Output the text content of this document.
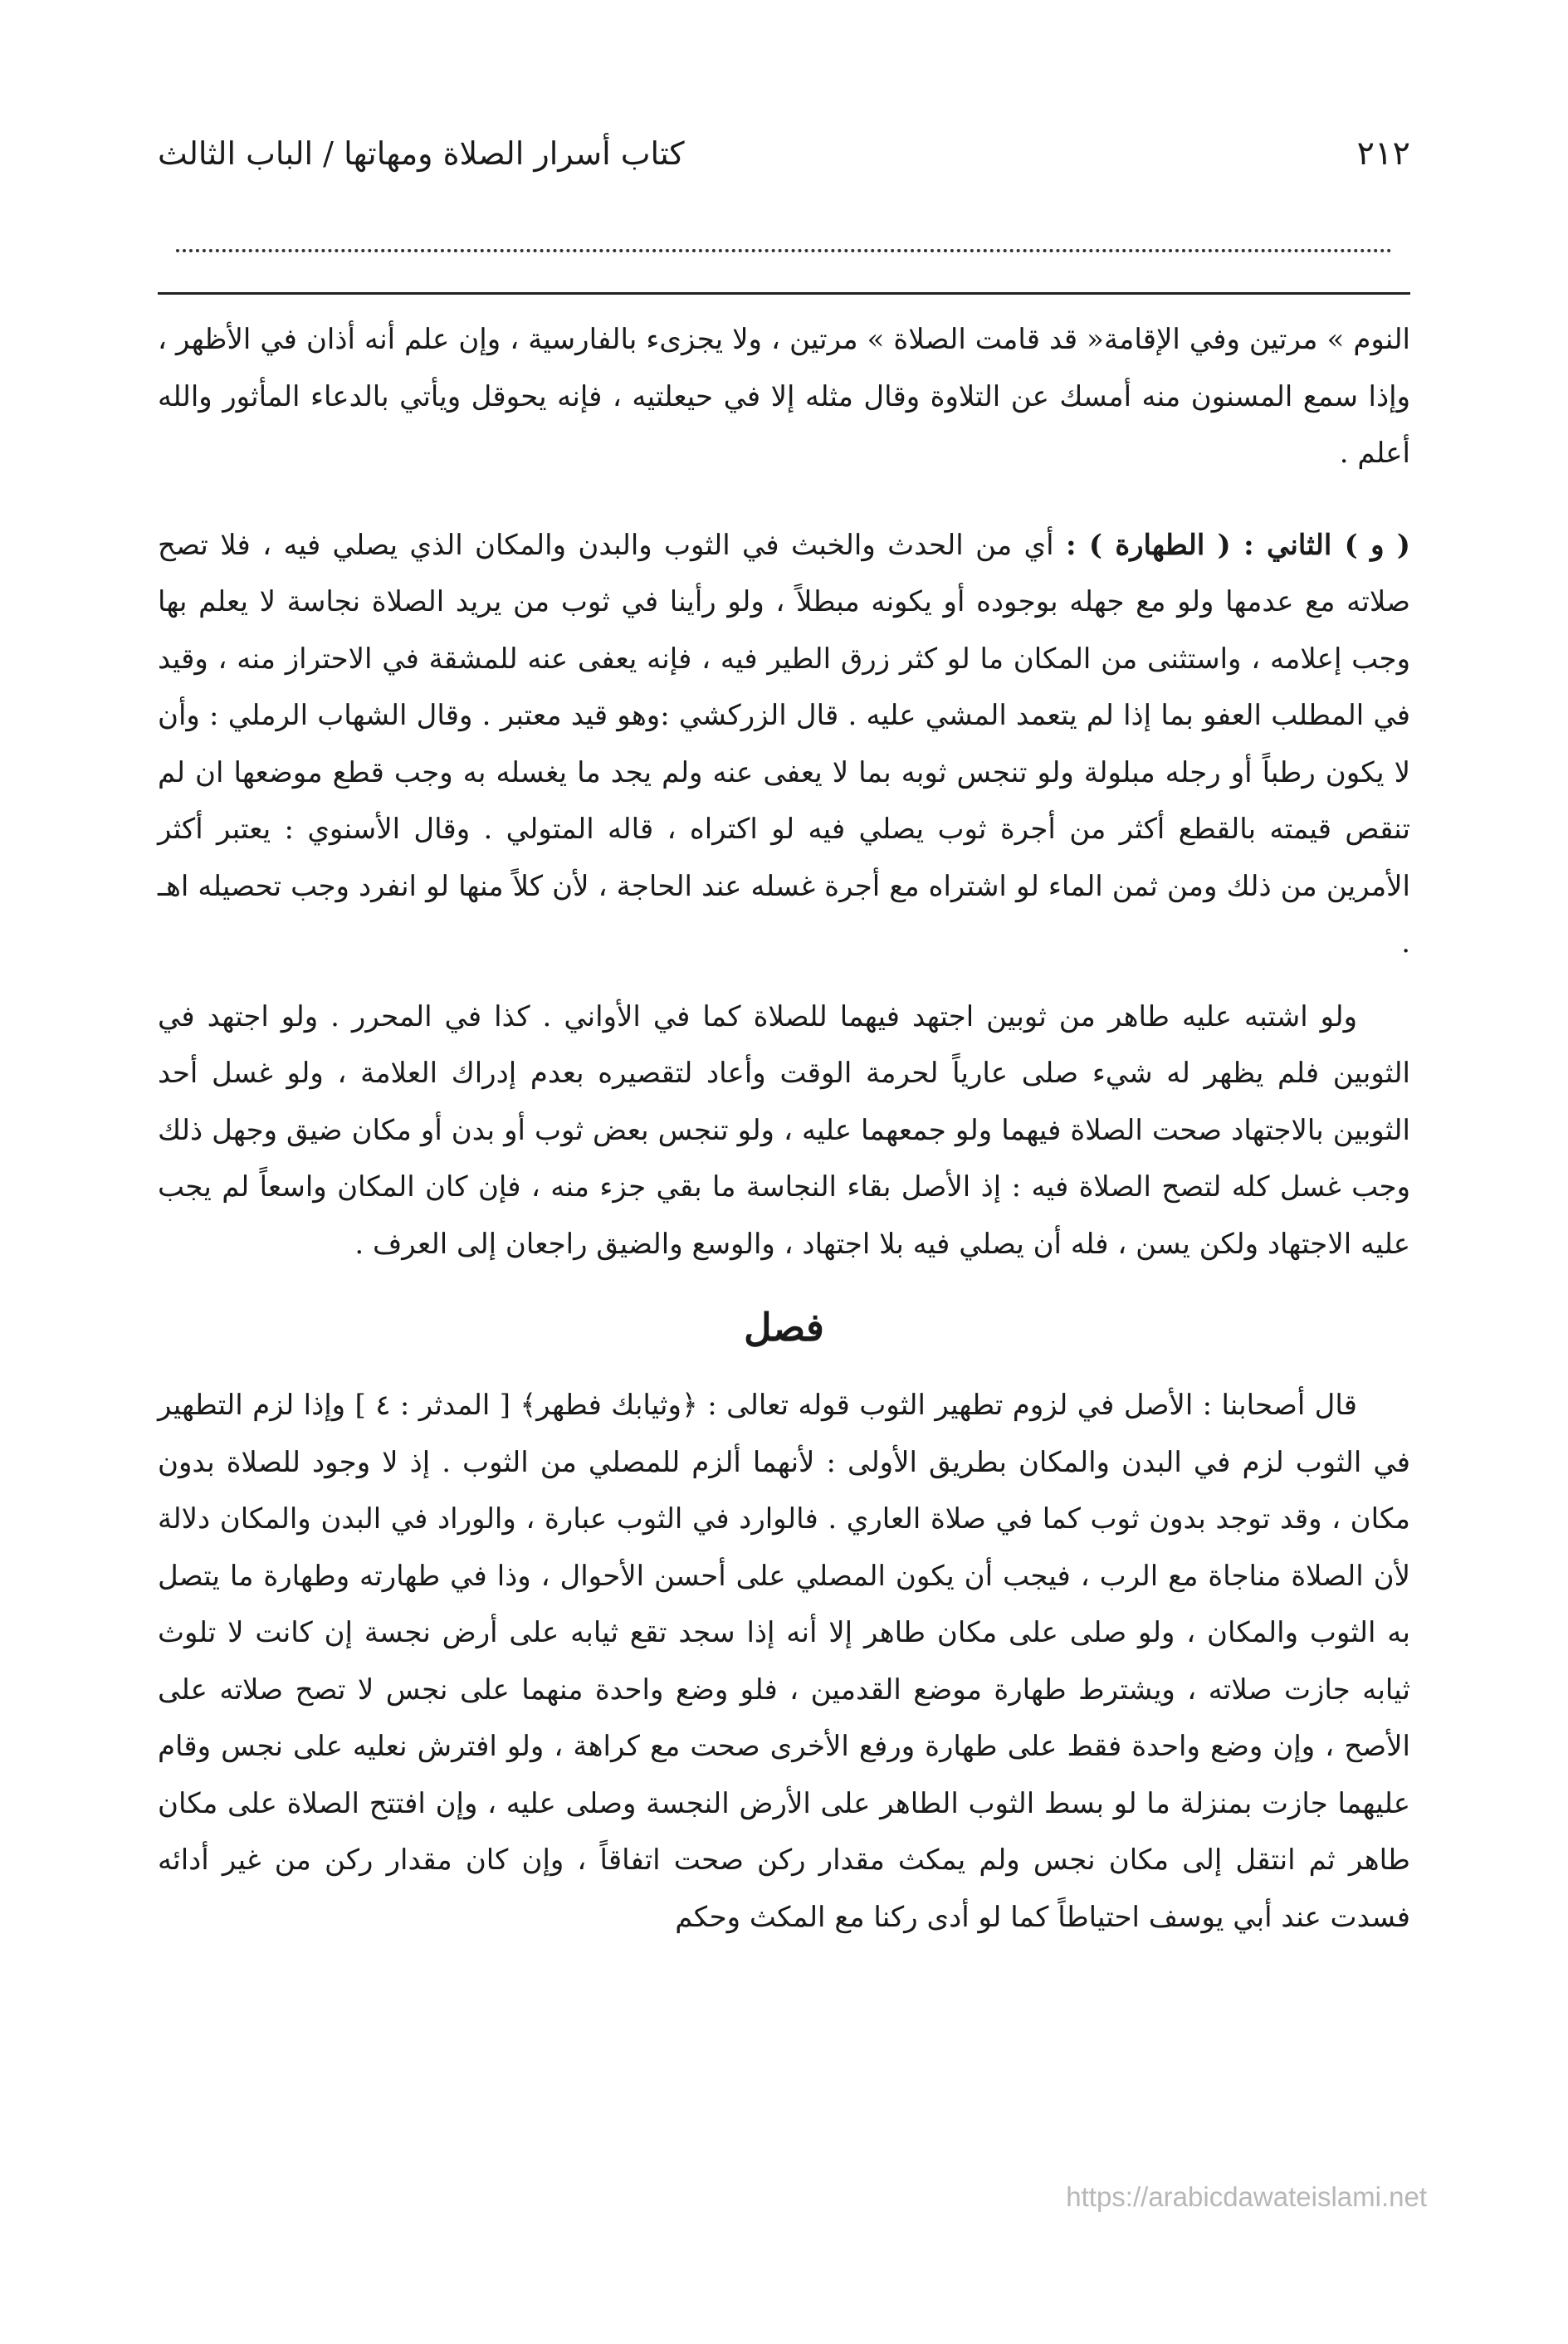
٢١٢
كتاب أسرار الصلاة ومهاتها / الباب الثالث

النوم » مرتين وفي الإقامة« قد قامت الصلاة » مرتين ، ولا يجزىء بالفارسية ، وإن علم أنه أذان في الأظهر ، وإذا سمع المسنون منه أمسك عن التلاوة وقال مثله إلا في حيعلتيه ، فإنه يحوقل ويأتي بالدعاء المأثور والله أعلم .

( و ) الثاني : ( الطهارة ) : أي من الحدث والخبث في الثوب والبدن والمكان الذي يصلي فيه ، فلا تصح صلاته مع عدمها ولو مع جهله بوجوده أو يكونه مبطلاً ، ولو رأينا في ثوب من يريد الصلاة نجاسة لا يعلم بها وجب إعلامه ، واستثنى من المكان ما لو كثر زرق الطير فيه ، فإنه يعفى عنه للمشقة في الاحتراز منه ، وقيد في المطلب العفو بما إذا لم يتعمد المشي عليه . قال الزركشي :وهو قيد معتبر . وقال الشهاب الرملي : وأن لا يكون رطباً أو رجله مبلولة ولو تنجس ثوبه بما لا يعفى عنه ولم يجد ما يغسله به وجب قطع موضعها ان لم تنقص قيمته بالقطع أكثر من أجرة ثوب يصلي فيه لو اكتراه ، قاله المتولي . وقال الأسنوي : يعتبر أكثر الأمرين من ذلك ومن ثمن الماء لو اشتراه مع أجرة غسله عند الحاجة ، لأن كلاً منها لو انفرد وجب تحصيله اهـ .

ولو اشتبه عليه طاهر من ثوبين اجتهد فيهما للصلاة كما في الأواني . كذا في المحرر . ولو اجتهد في الثوبين فلم يظهر له شيء صلى عارياً لحرمة الوقت وأعاد لتقصيره بعدم إدراك العلامة ، ولو غسل أحد الثوبين بالاجتهاد صحت الصلاة فيهما ولو جمعهما عليه ، ولو تنجس بعض ثوب أو بدن أو مكان ضيق وجهل ذلك وجب غسل كله لتصح الصلاة فيه : إذ الأصل بقاء النجاسة ما بقي جزء منه ، فإن كان المكان واسعاً لم يجب عليه الاجتهاد ولكن يسن ، فله أن يصلي فيه بلا اجتهاد ، والوسع والضيق راجعان إلى العرف .

فصل

قال أصحابنا : الأصل في لزوم تطهير الثوب قوله تعالى : ﴿وثيابك فطهر﴾ [ المدثر : ٤ ] وإذا لزم التطهير في الثوب لزم في البدن والمكان بطريق الأولى : لأنهما ألزم للمصلي من الثوب . إذ لا وجود للصلاة بدون مكان ، وقد توجد بدون ثوب كما في صلاة العاري . فالوارد في الثوب عبارة ، والوراد في البدن والمكان دلالة لأن الصلاة مناجاة مع الرب ، فيجب أن يكون المصلي على أحسن الأحوال ، وذا في طهارته وطهارة ما يتصل به الثوب والمكان ، ولو صلى على مكان طاهر إلا أنه إذا سجد تقع ثيابه على أرض نجسة إن كانت لا تلوث ثيابه جازت صلاته ، ويشترط طهارة موضع القدمين ، فلو وضع واحدة منهما على نجس لا تصح صلاته على الأصح ، وإن وضع واحدة فقط على طهارة ورفع الأخرى صحت مع كراهة ، ولو افترش نعليه على نجس وقام عليهما جازت بمنزلة ما لو بسط الثوب الطاهر على الأرض النجسة وصلى عليه ، وإن افتتح الصلاة على مكان طاهر ثم انتقل إلى مكان نجس ولم يمكث مقدار ركن صحت اتفاقاً ، وإن كان مقدار ركن من غير أدائه فسدت عند أبي يوسف احتياطاً كما لو أدى ركنا مع المكث وحكم

https://arabicdawateislami.net
